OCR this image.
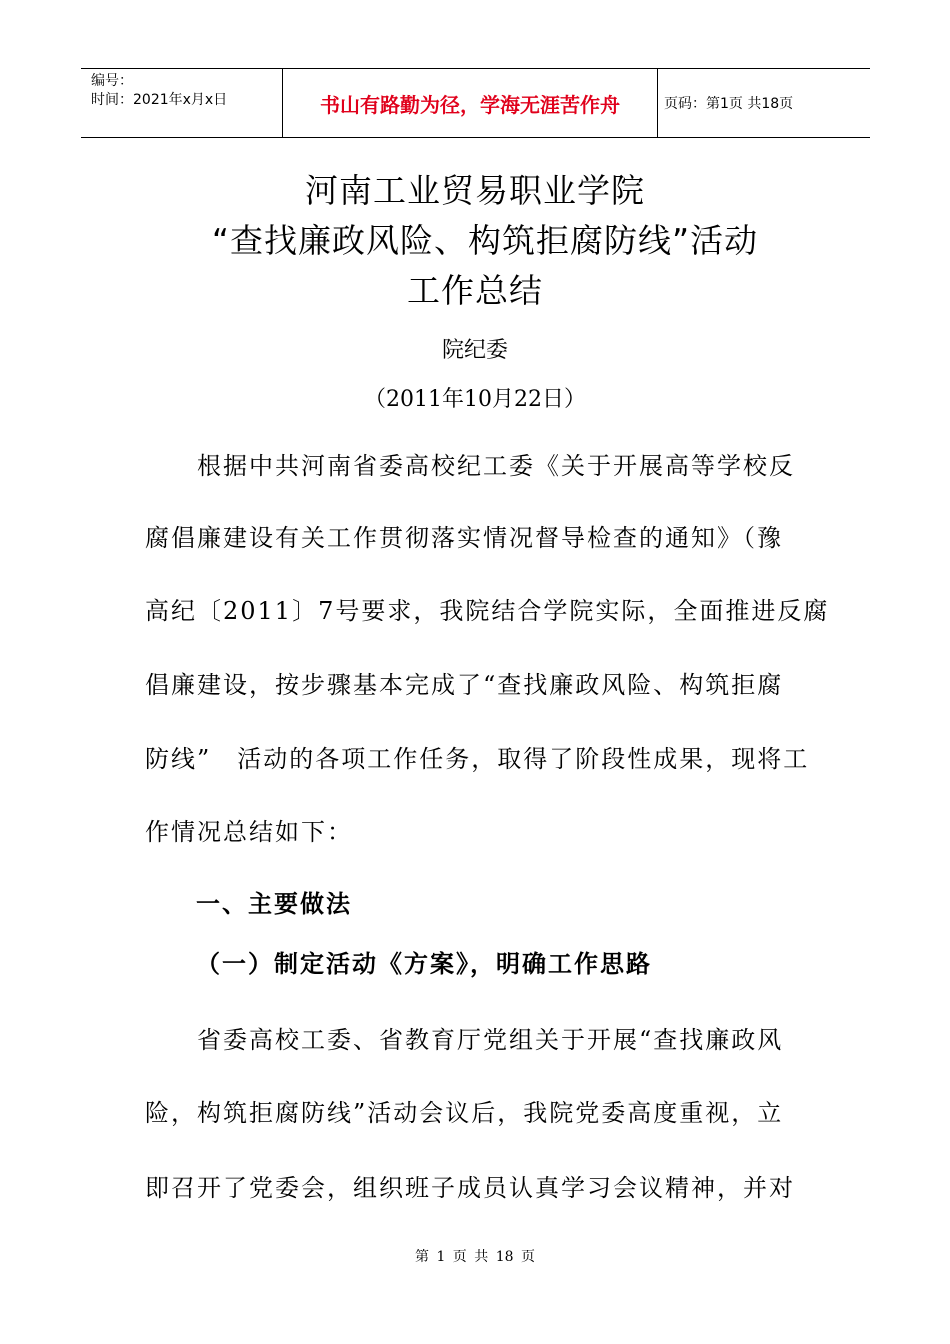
编号：
时间：2021年x月x日	书山有路勤为径，学海无涯苦作舟	页码：第1页 共18页
河南工业贸易职业学院
“查找廉政风险、构筑拒腐防线”活动
工作总结
院纪委
（2011年10月22日）
　　根据中共河南省委高校纪工委《关于开展高等学校反
腐倡廉建设有关工作贯彻落实情况督导检查的通知》（豫
高纪〔2011〕7号要求，我院结合学院实际，全面推进反腐
倡廉建设，按步骤基本完成了“查找廉政风险、构筑拒腐
防线”　活动的各项工作任务，取得了阶段性成果，现将工
作情况总结如下：
一、主要做法
（一）制定活动《方案》，明确工作思路
　　省委高校工委、省教育厅党组关于开展“查找廉政风
险，构筑拒腐防线”活动会议后，我院党委高度重视，立
即召开了党委会，组织班子成员认真学习会议精神，并对
第 1 页 共 18 页
